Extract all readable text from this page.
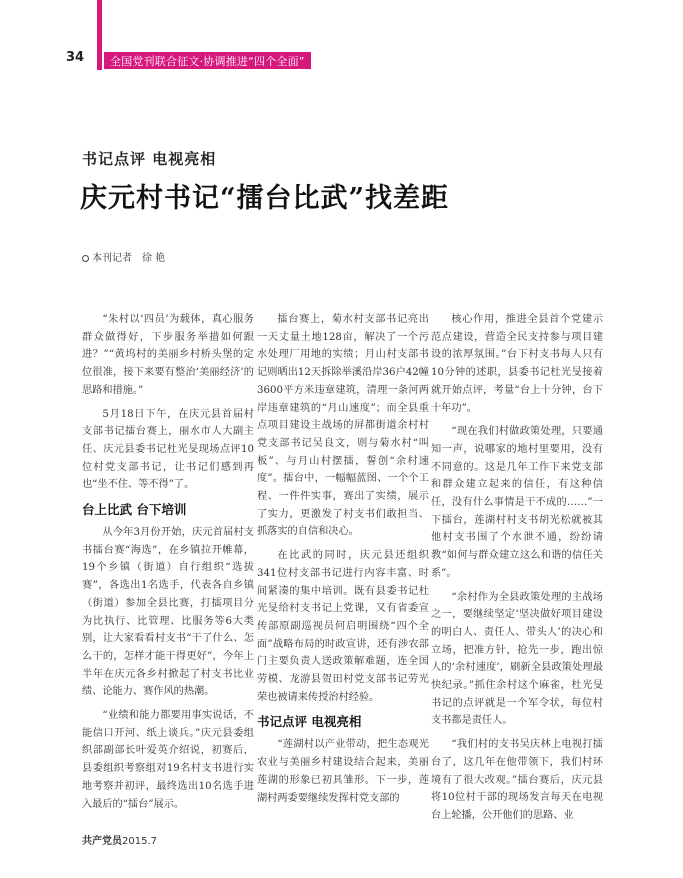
34 全国党刊联合征文·协调推进“四个全面”
书记点评 电视亮相
庆元村书记“擂台比武”找差距
本刊记者　徐 艳

“朱村以‘四员’为载体，真心服务群众做得好，下步服务举措如何跟进？”“黄坞村的美丽乡村桥头堡的定位很准，接下来要有整治‘美丽经济’的思路和措施。”

5月18日下午，在庆元县首届村支部书记擂台赛上，丽水市人大副主任、庆元县委书记杜光旻现场点评10位村党支部书记，让书记们感到再也“坐不住、等不得”了。

台上比武 台下培训

从今年3月份开始，庆元首届村支书擂台赛“海选”，在乡镇拉开帷幕，19个乡镇（街道）自行组织“选拔赛”，各选出1名选手，代表各自乡镇（街道）参加全县比赛，打擂项目分为比执行、比管理、比服务等6大类别，让大家看看村支书“干了什么、怎么干的，怎样才能干得更好”，今年上半年在庆元各乡村掀起了村支书比业绩、论能力、赛作风的热潮。

“业绩和能力都要用事实说话，不能信口开河、纸上谈兵。”庆元县委组织部副部长叶爱英介绍说，初赛后，县委组织考察组对19名村支书进行实地考察并初评，最终选出10名选手进入最后的“擂台”展示。

擂台赛上，菊水村支部书记亮出一天丈量土地128亩，解决了一个污水处理厂用地的实绩；月山村支部书记则晒出12天拆除举溪沿岸36户42幢3600平方米违章建筑，清理一条河两岸违章建筑的“月山速度”；而全县重点项目建设主战场的屏都街道余村村党支部书记吴良文，则与菊水村“叫板”、与月山村摆擂，誓创“余村速度”。擂台中，一幅幅蓝图、一个个工程、一件件实事，赛出了实绩，展示了实力，更激发了村支书们敢担当、抓落实的自信和决心。

在比武的同时，庆元县还组织341位村支部书记进行内容丰富、时间紧凑的集中培训。既有县委书记杜光旻给村支书记上党课，又有省委宣传部原副巡视员何启明围绕“四个全面”战略布局的时政宣讲，还有涉农部门主要负责人送政策解难题，连全国劳模、龙游县贺田村党支部书记劳光荣也被请来传授治村经验。

书记点评 电视亮相

“莲湖村以产业带动，把生态观光农业与美丽乡村建设结合起来，美丽莲湖的形象已初具雏形。下一步，莲湖村两委要继续发挥村党支部的

核心作用，推进全县首个党建示范点建设，营造全民支持参与项目建设的浓厚氛围。”台下村支书每人只有10分钟的述职，县委书记杜光旻接着就开始点评，考量“台上十分钟，台下十年功”。

“现在我们村做政策处理，只要通知一声，说哪家的地村里要用，没有不同意的。这是几年工作下来党支部和群众建立起来的信任，有这种信任，没有什么事情是干不成的……”一下擂台，莲湖村村支书胡光松就被其他村支书围了个水泄不通，纷纷请教“如何与群众建立这么和谐的信任关系”。

“余村作为全县政策处理的主战场之一，要继续坚定‘坚决做好项目建设的明白人、责任人、带头人’的决心和立场，把准方针，抢先一步，跑出惊人的‘余村速度’，刷新全县政策处理最快纪录。”抓住余村这个麻雀，杜光旻书记的点评就是一个军令状，每位村支书都是责任人。

“我们村的支书吴庆林上电视打擂台了，这几年在他带领下，我们村环境有了很大改观。”擂台赛后，庆元县将10位村干部的现场发言每天在电视台上轮播，公开他们的思路、业

共产党员2015.7
